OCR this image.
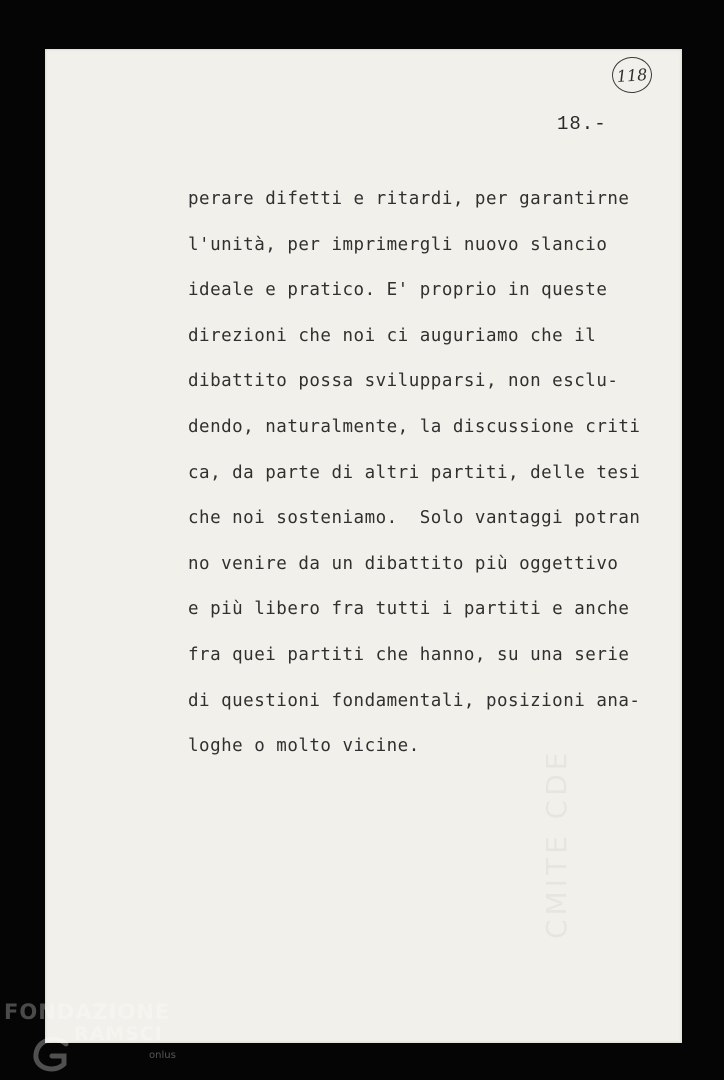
118
18.-
perare difetti e ritardi, per garantirne
l'unità, per imprimergli nuovo slancio
ideale e pratico. E' proprio in queste
direzioni che noi ci auguriamo che il
dibattito possa svilupparsi, non esclu-
dendo, naturalmente, la discussione criti
ca, da parte di altri partiti, delle tesi
che noi sosteniamo.  Solo vantaggi potran
no venire da un dibattito più oggettivo
e più libero fra tutti i partiti e anche
fra quei partiti che hanno, su una serie
di questioni fondamentali, posizioni ana-
loghe o molto vicine.
FONDAZIONE
RAMSCI
onlus
